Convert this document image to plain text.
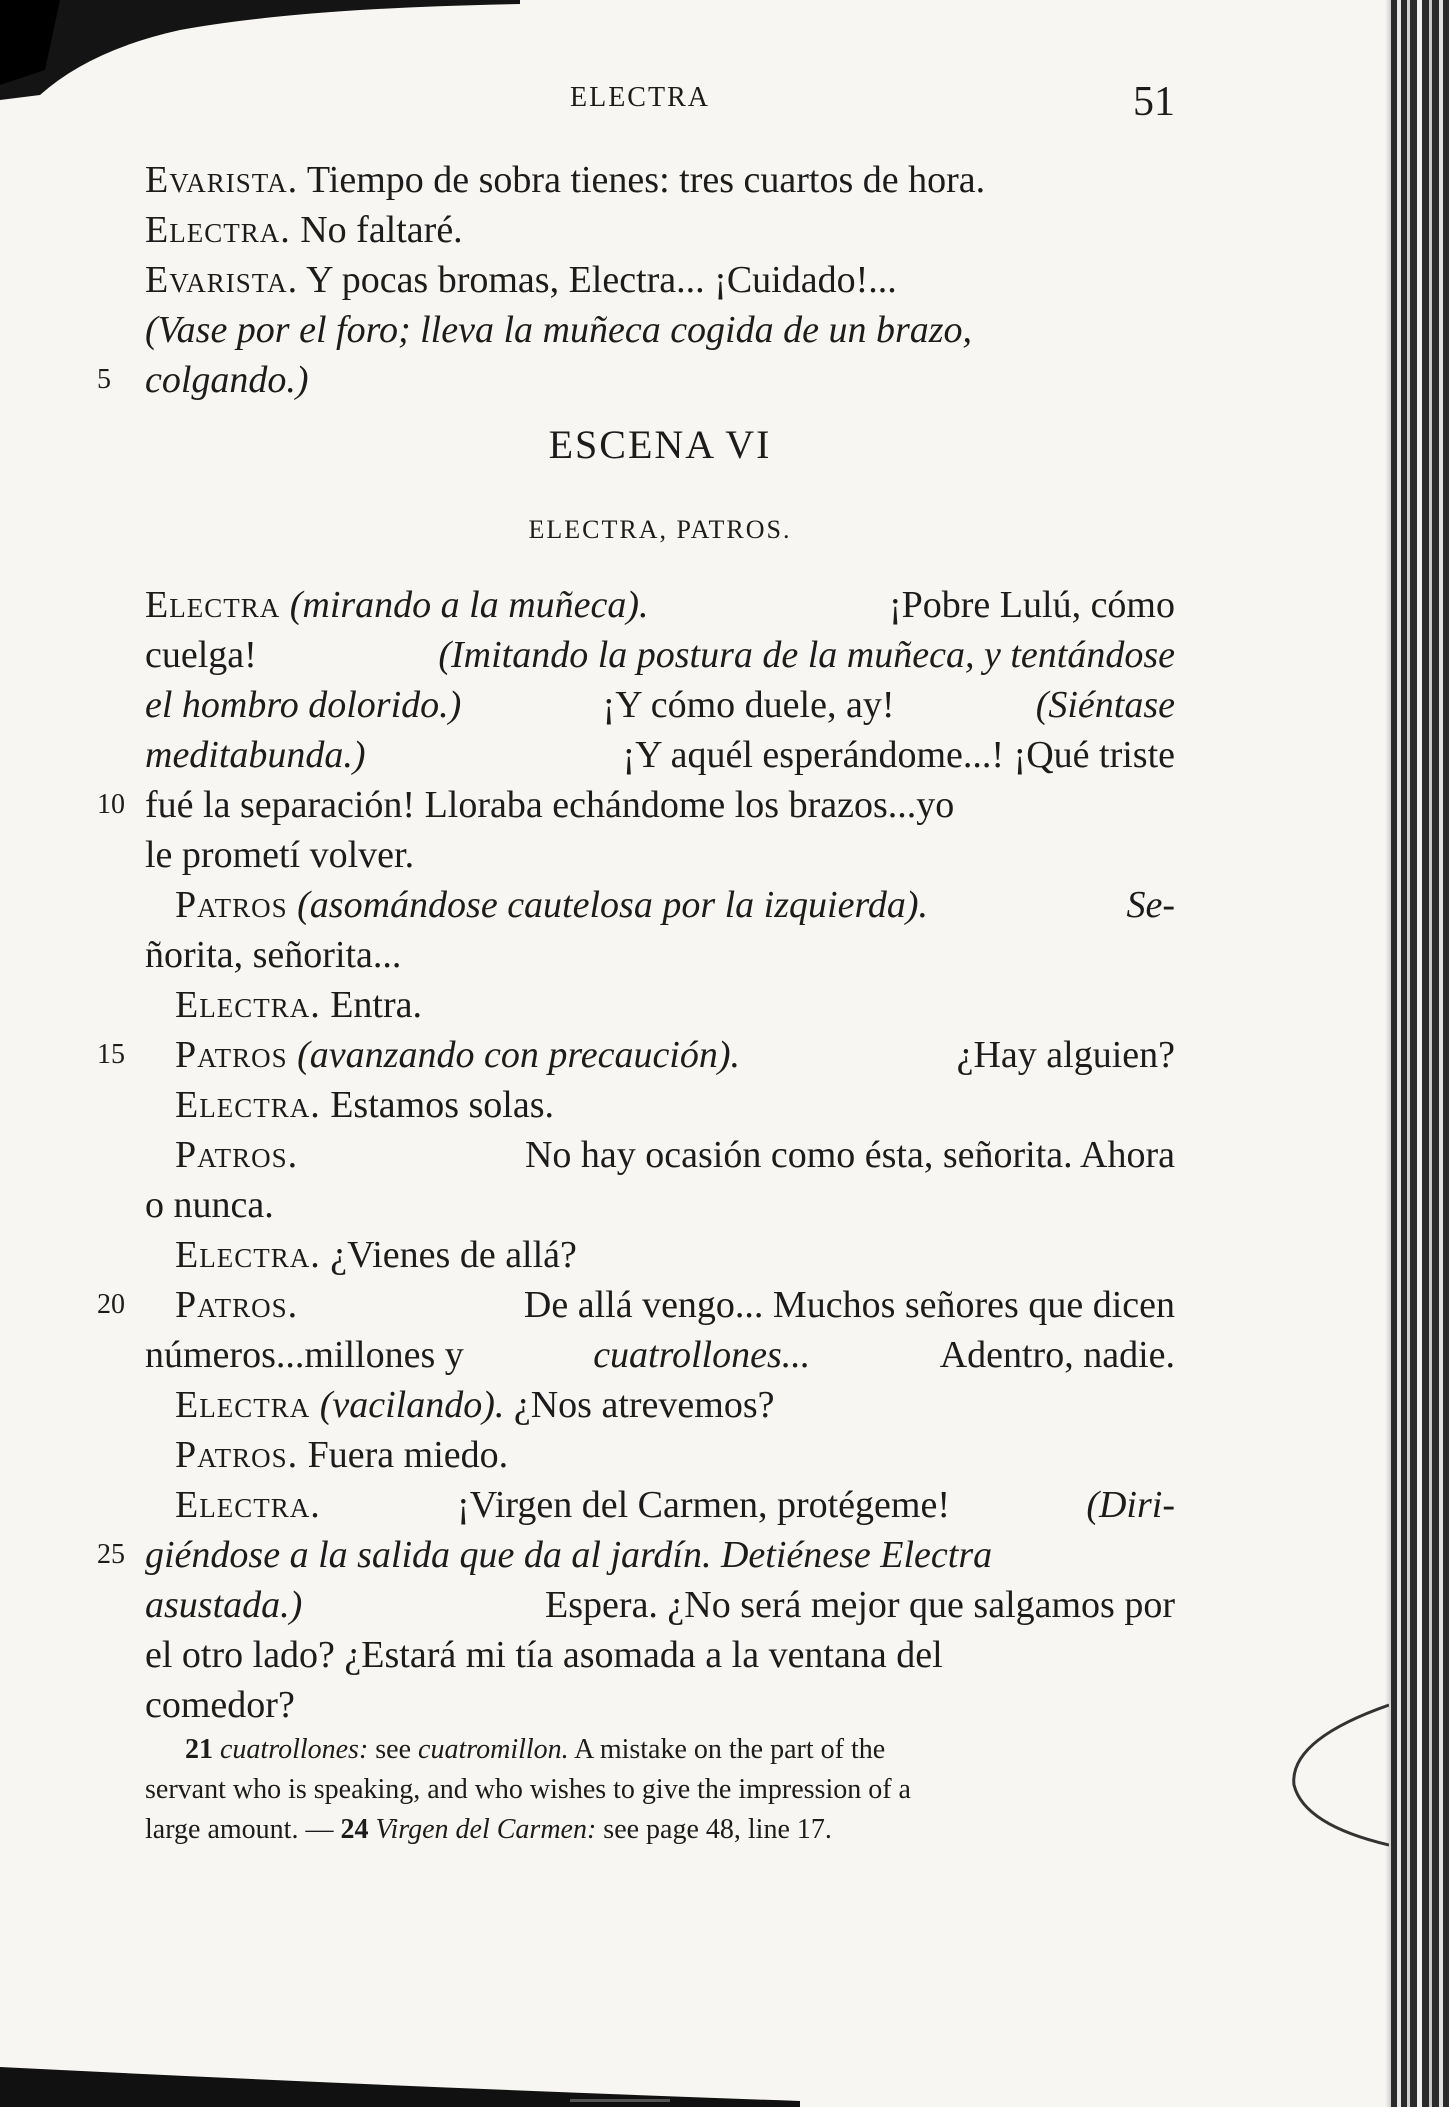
ELECTRA	51
Evarista. Tiempo de sobra tienes: tres cuartos de hora.
Electra. No faltaré.
Evarista. Y pocas bromas, Electra... ¡Cuidado!...
(Vase por el foro; lleva la muñeca cogida de un brazo,
5 colgando.)
ESCENA VI
ELECTRA, PATROS.
Electra (mirando a la muñeca).	¡Pobre Lulú, cómo
cuelga!	(Imitando la postura de la muñeca, y tentándose
el hombro dolorido.)	¡Y cómo duele, ay!	(Siéntase
meditabunda.)	¡Y aquél esperándome...! ¡Qué triste
10 fué la separación! Lloraba echándome los brazos...yo
le prometí volver.
Patros (asomándose cautelosa por la izquierda).	Se-
ñorita, señorita...
Electra. Entra.
15	Patros (avanzando con precaución).	¿Hay alguien?
Electra. Estamos solas.
Patros.	No hay ocasión como ésta, señorita. Ahora
o nunca.
Electra. ¿Vienes de allá?
20	Patros.	De allá vengo... Muchos señores que dicen
números...millones y	cuatrollones...	Adentro, nadie.
Electra (vacilando). ¿Nos atrevemos?
Patros. Fuera miedo.
Electra.	¡Virgen del Carmen, protégeme!	(Diri-
25 giéndose a la salida que da al jardín. Detiénese Electra
asustada.)	Espera. ¿No será mejor que salgamos por
el otro lado? ¿Estará mi tía asomada a la ventana del
comedor?
21 cuatrollones: see cuatromillon. A mistake on the part of the
servant who is speaking, and who wishes to give the impression of a
large amount. — 24 Virgen del Carmen: see page 48, line 17.
